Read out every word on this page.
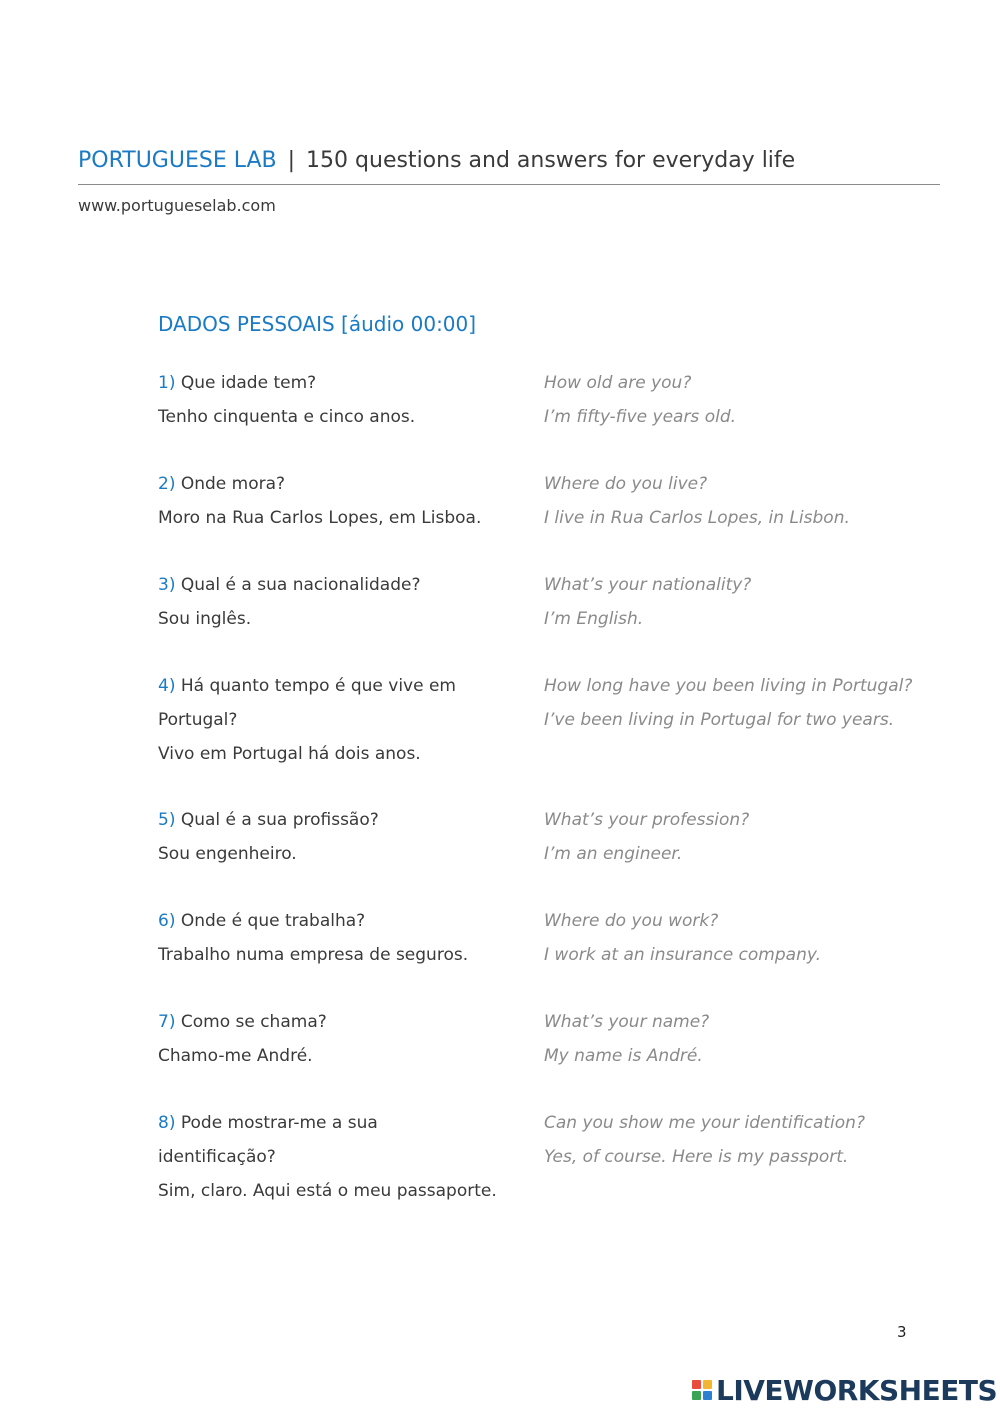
PORTUGUESE LAB | 150 questions and answers for everyday life
www.portugueselab.com
DADOS PESSOAIS [áudio 00:00]
1) Que idade tem?
Tenho cinquenta e cinco anos.
How old are you?
I’m fifty-five years old.
2) Onde mora?
Moro na Rua Carlos Lopes, em Lisboa.
Where do you live?
I live in Rua Carlos Lopes, in Lisbon.
3) Qual é a sua nacionalidade?
Sou inglês.
What’s your nationality?
I’m English.
4) Há quanto tempo é que vive em Portugal?
Vivo em Portugal há dois anos.
How long have you been living in Portugal?
I’ve been living in Portugal for two years.
5) Qual é a sua profissão?
Sou engenheiro.
What’s your profession?
I’m an engineer.
6) Onde é que trabalha?
Trabalho numa empresa de seguros.
Where do you work?
I work at an insurance company.
7) Como se chama?
Chamo-me André.
What’s your name?
My name is André.
8) Pode mostrar-me a sua identificação?
Sim, claro. Aqui está o meu passaporte.
Can you show me your identification?
Yes, of course. Here is my passport.
3
LIVEWORKSHEETS
